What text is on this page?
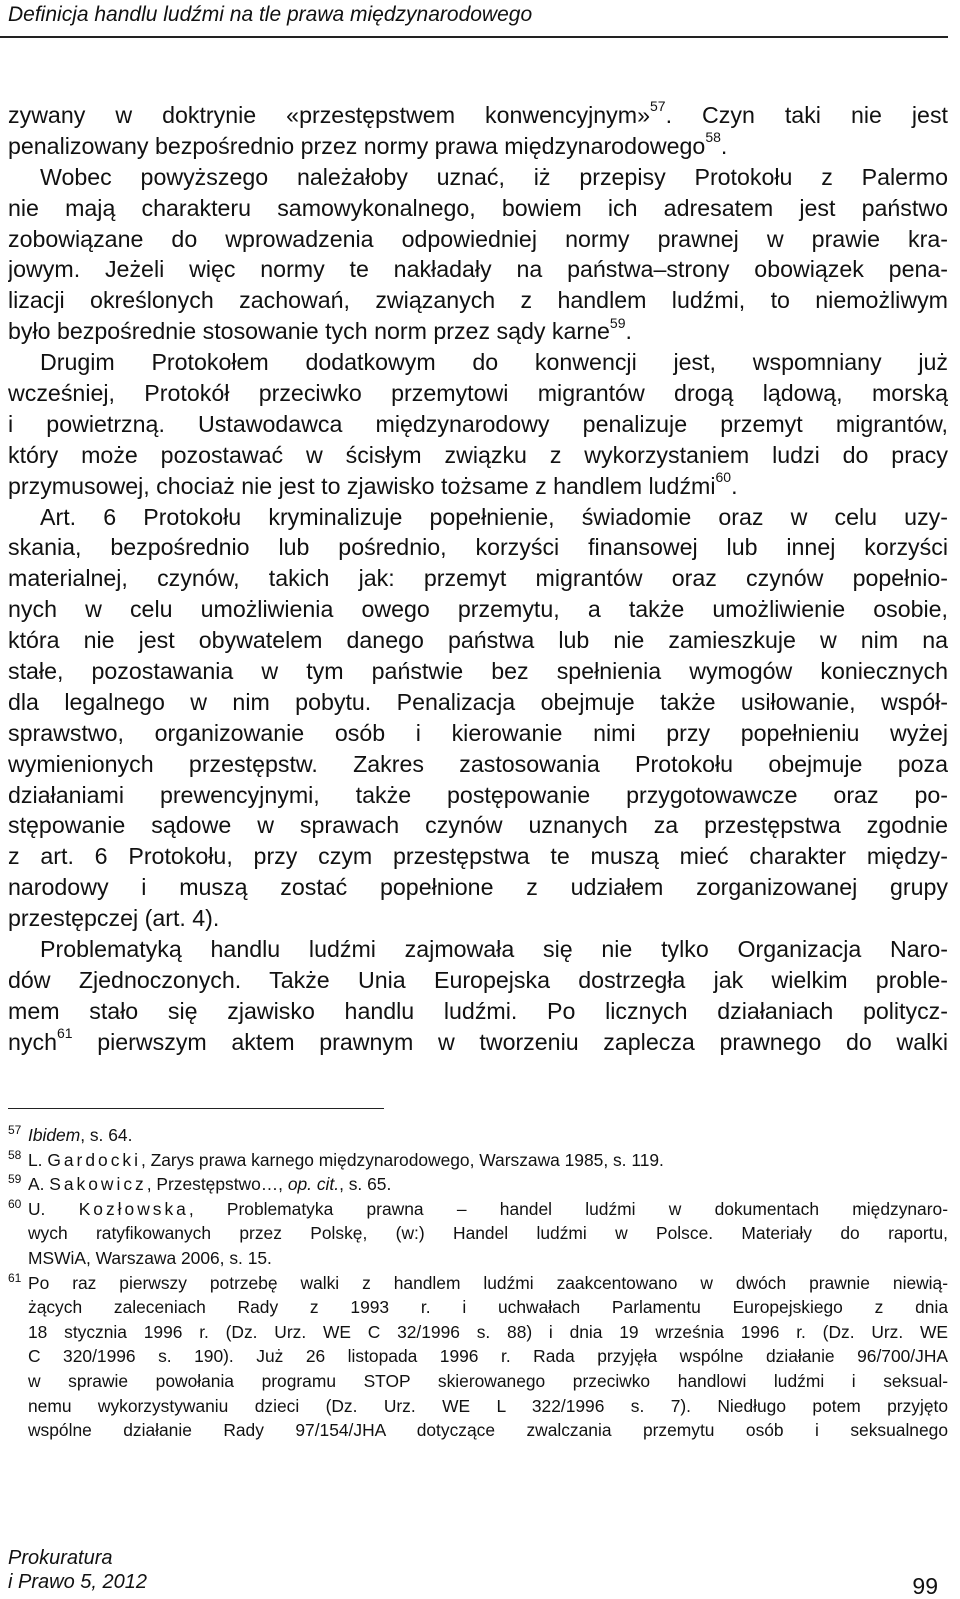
Definicja handlu ludźmi na tle prawa międzynarodowego
zywany w doktrynie «przestępstwem konwencyjnym»$^{57}$. Czyn taki nie jest
penalizowany bezpośrednio przez normy prawa międzynarodowego$^{58}$.
Wobec powyższego należałoby uznać, iż przepisy Protokołu z Palermo
nie mają charakteru samowykonalnego, bowiem ich adresatem jest państwo
zobowiązane do wprowadzenia odpowiedniej normy prawnej w prawie kra-
jowym. Jeżeli więc normy te nakładały na państwa–strony obowiązek pena-
lizacji określonych zachowań, związanych z handlem ludźmi, to niemożliwym
było bezpośrednie stosowanie tych norm przez sądy karne$^{59}$.
Drugim Protokołem dodatkowym do konwencji jest, wspomniany już
wcześniej, Protokół przeciwko przemytowi migrantów drogą lądową, morską
i powietrzną. Ustawodawca międzynarodowy penalizuje przemyt migrantów,
który może pozostawać w ścisłym związku z wykorzystaniem ludzi do pracy
przymusowej, chociaż nie jest to zjawisko tożsame z handlem ludźmi$^{60}$.
Art. 6 Protokołu kryminalizuje popełnienie, świadomie oraz w celu uzy-
skania, bezpośrednio lub pośrednio, korzyści finansowej lub innej korzyści
materialnej, czynów, takich jak: przemyt migrantów oraz czynów popełnio-
nych w celu umożliwienia owego przemytu, a także umożliwienie osobie,
która nie jest obywatelem danego państwa lub nie zamieszkuje w nim na
stałe, pozostawania w tym państwie bez spełnienia wymogów koniecznych
dla legalnego w nim pobytu. Penalizacja obejmuje także usiłowanie, współ-
sprawstwo, organizowanie osób i kierowanie nimi przy popełnieniu wyżej
wymienionych przestępstw. Zakres zastosowania Protokołu obejmuje poza
działaniami prewencyjnymi, także postępowanie przygotowawcze oraz po-
stępowanie sądowe w sprawach czynów uznanych za przestępstwa zgodnie
z art. 6 Protokołu, przy czym przestępstwa te muszą mieć charakter między-
narodowy i muszą zostać popełnione z udziałem zorganizowanej grupy
przestępczej (art. 4).
Problematyką handlu ludźmi zajmowała się nie tylko Organizacja Naro-
dów Zjednoczonych. Także Unia Europejska dostrzegła jak wielkim proble-
mem stało się zjawisko handlu ludźmi. Po licznych działaniach politycz-
nych$^{61}$ pierwszym aktem prawnym w tworzeniu zaplecza prawnego do walki
57 Ibidem, s. 64.
58 L. Gardocki, Zarys prawa karnego międzynarodowego, Warszawa 1985, s. 119.
59 A. Sakowicz, Przestępstwo…, op. cit., s. 65.
60 U. Kozłowska, Problematyka prawna – handel ludźmi w dokumentach międzynaro-
wych ratyfikowanych przez Polskę, (w:) Handel ludźmi w Polsce. Materiały do raportu,
MSWiA, Warszawa 2006, s. 15.
61 Po raz pierwszy potrzebę walki z handlem ludźmi zaakcentowano w dwóch prawnie niewią-
żących zaleceniach Rady z 1993 r. i uchwałach Parlamentu Europejskiego z dnia
18 stycznia 1996 r. (Dz. Urz. WE C 32/1996 s. 88) i dnia 19 września 1996 r. (Dz. Urz. WE
C 320/1996 s. 190). Już 26 listopada 1996 r. Rada przyjęła wspólne działanie 96/700/JHA
w sprawie powołania programu STOP skierowanego przeciwko handlowi ludźmi i seksual-
nemu wykorzystywaniu dzieci (Dz. Urz. WE L 322/1996 s. 7). Niedługo potem przyjęto
wspólne działanie Rady 97/154/JHA dotyczące zwalczania przemytu osób i seksualnego
Prokuratura
i Prawo 5, 2012	99
